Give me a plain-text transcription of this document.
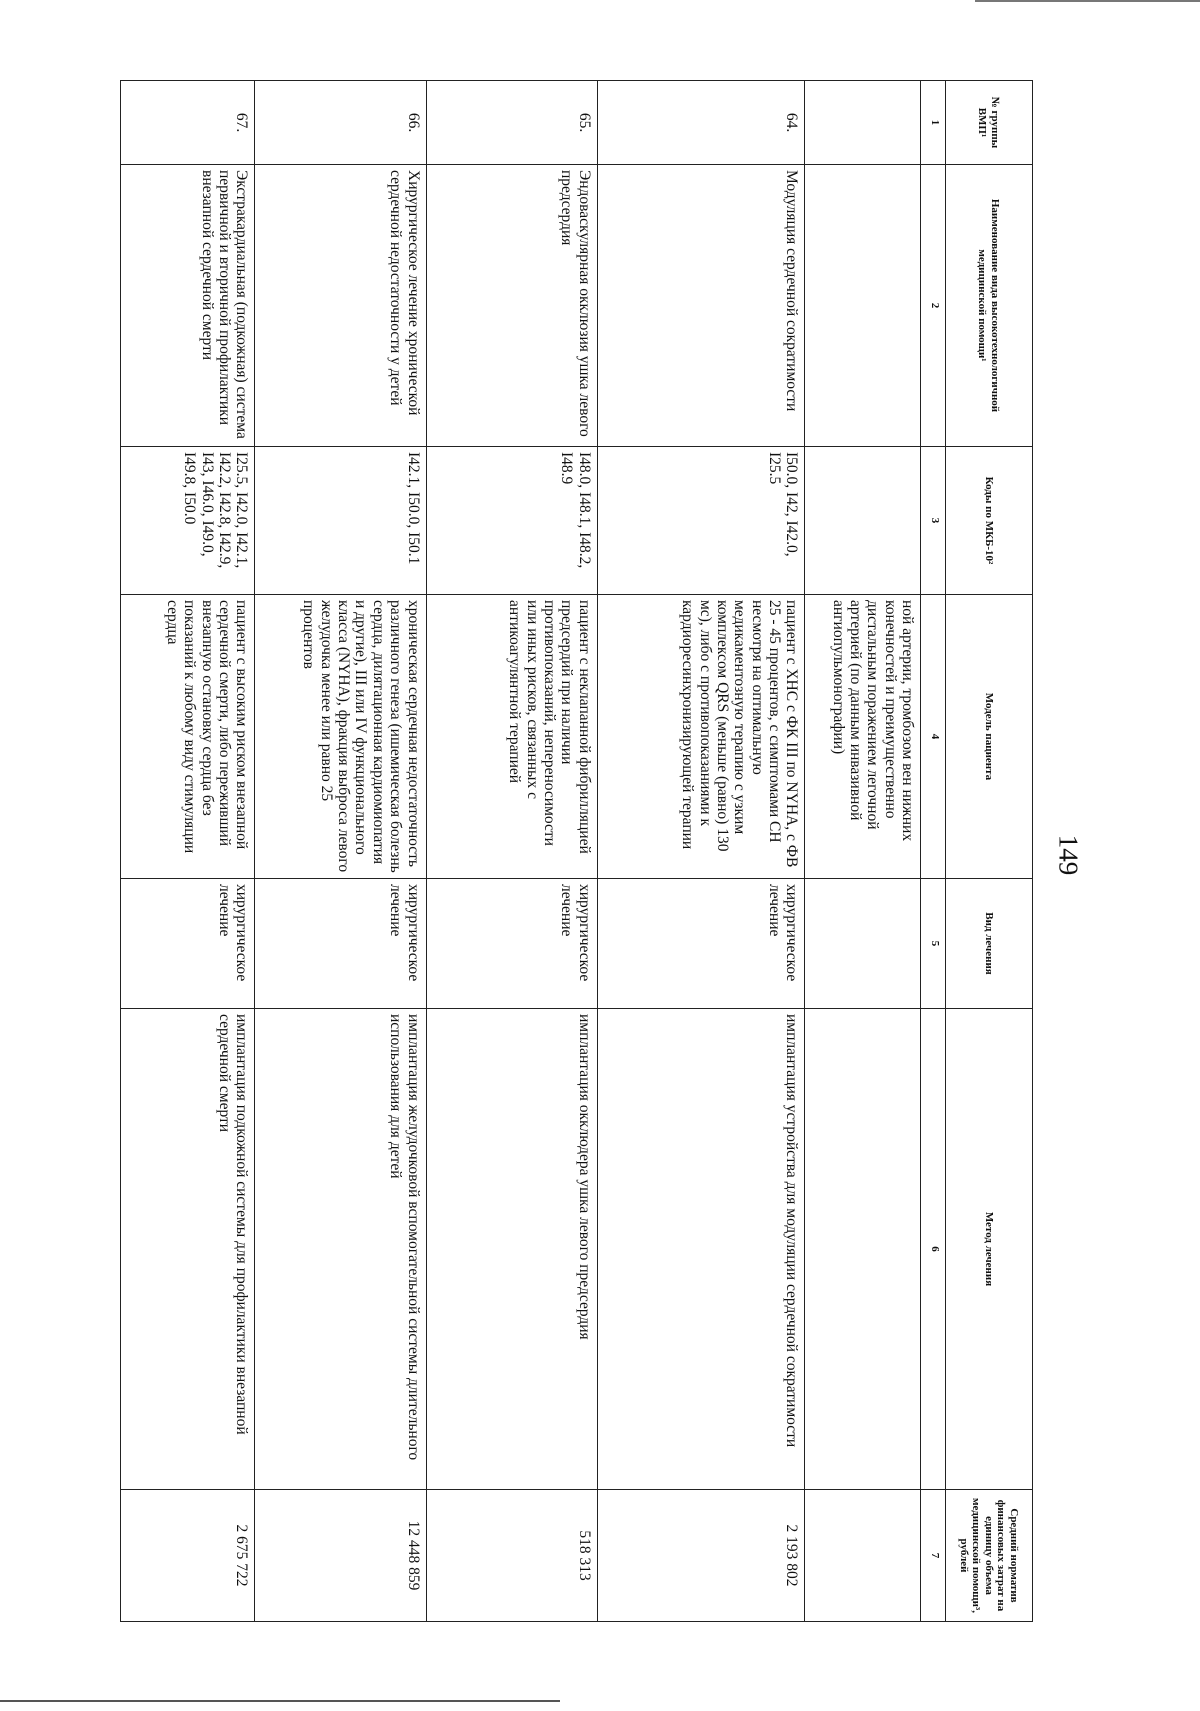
149
№ группы ВМП¹	Наименование вида высокотехнологичной медицинской помощи¹	Коды по МКБ-10²	Модель пациента	Вид лечения	Метод лечения	Средний норматив финансовых затрат на единицу объема медицинской помощи³, рублей
1	2	3	4	5	6	7
			ной артерии, тромбозом вен нижних конечностей и преимущественно дистальным поражением легочной артерией (по данным инвазивной ангиопульмонографии)			
64.	Модуляция сердечной сократимости	I50.0, I42, I42.0, I25.5	пациент с ХНС с ФК III по NYHA, с ФВ 25 - 45 процентов, с симптомами СН несмотря на оптимальную медикаментозную терапию с узким комплексом QRS (меньше (равно) 130 мс), либо с противопоказаниями к кардиоресинхронизирующей терапии	хирургическое лечение	имплантация устройства для модуляции сердечной сократимости	2 193 802
65.	Эндоваскулярная окклюзия ушка левого предсердия	I48.0, I48.1, I48.2, I48.9	пациент с неклапанной фибрилляцией предсердий при наличии противопоказаний, непереносимости или иных рисков, связанных с антикоагулянтной терапией	хирургическое лечение	имплантация окклюдера ушка левого предсердия	518 313
66.	Хирургическое лечение хронической сердечной недостаточности у детей	I42.1, I50.0, I50.1	хроническая сердечная недостаточность различного генеза (ишемическая болезнь сердца, дилятационная кардиомиопатия и другие), III или IV функционального класса (NYHA), фракция выброса левого желудочка менее или равно 25 процентов	хирургическое лечение	имплантация желудочковой вспомогательной системы длительного использования для детей	12 448 859
67.	Экстракардиальная (подкожная) система первичной и вторичной профилактики внезапной сердечной смерти	I25.5, I42.0, I42.1, I42.2, I42.8, I42.9, I43, I46.0, I49.0, I49.8, I50.0	пациент с высоким риском внезапной сердечной смерти, либо переживший внезапную остановку сердца без показаний к любому виду стимуляции сердца	хирургическое лечение	имплантация подкожной системы для профилактики внезапной сердечной смерти	2 675 722
